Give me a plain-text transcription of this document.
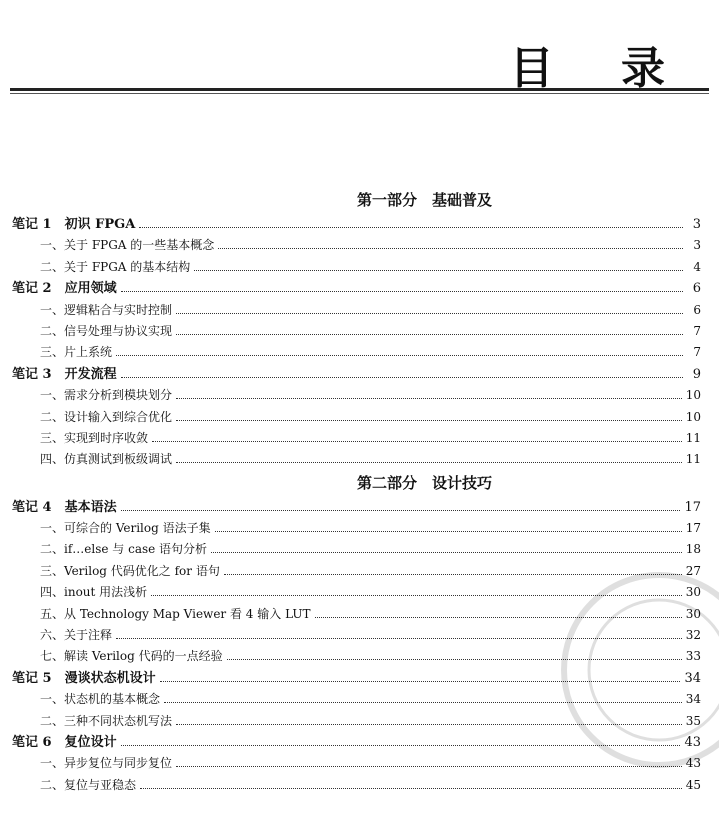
目 录
第一部分　基础普及
笔记 1　初识 FPGA	3
一、关于 FPGA 的一些基本概念	3
二、关于 FPGA 的基本结构	4
笔记 2　应用领域	6
一、逻辑粘合与实时控制	6
二、信号处理与协议实现	7
三、片上系统	7
笔记 3　开发流程	9
一、需求分析到模块划分	10
二、设计输入到综合优化	10
三、实现到时序收敛	11
四、仿真测试到板级调试	11
第二部分　设计技巧
笔记 4　基本语法	17
一、可综合的 Verilog 语法子集	17
二、if…else 与 case 语句分析	18
三、Verilog 代码优化之 for 语句	27
四、inout 用法浅析	30
五、从 Technology Map Viewer 看 4 输入 LUT	30
六、关于注释	32
七、解读 Verilog 代码的一点经验	33
笔记 5　漫谈状态机设计	34
一、状态机的基本概念	34
二、三种不同状态机写法	35
笔记 6　复位设计	43
一、异步复位与同步复位	43
二、复位与亚稳态	45
